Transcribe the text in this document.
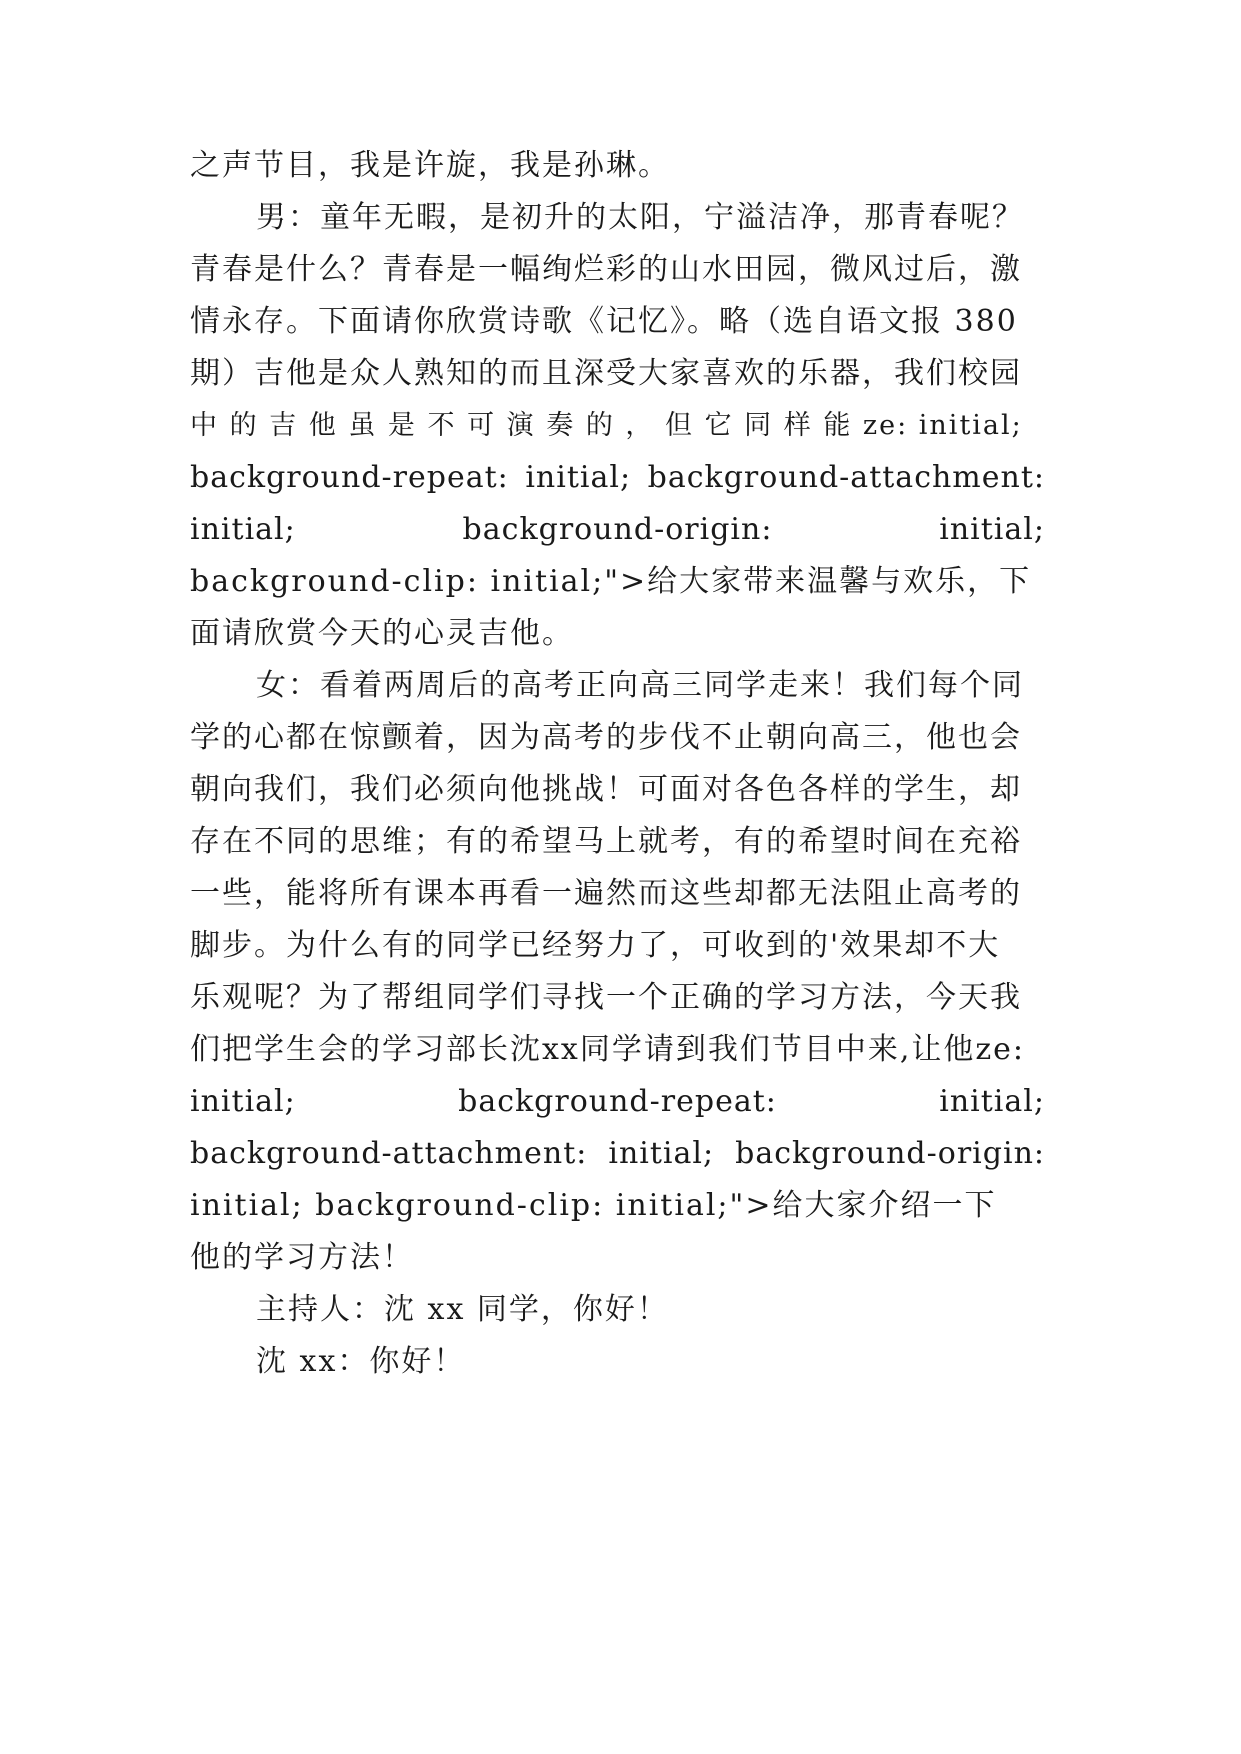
之声节目，我是许旋，我是孙琳。
男：童年无暇，是初升的太阳，宁溢洁净，那青春呢？
青春是什么？青春是一幅绚烂彩的山水田园，微风过后，激
情永存。下面请你欣赏诗歌《记忆》。略（选自语文报 380
期）吉他是众人熟知的而且深受大家喜欢的乐器，我们校园
中 的 吉 他 虽 是 不 可 演 奏 的 ， 但 它 同 样 能 ze: initial;
background-repeat: initial; background-attachment:
initial; background-origin: initial;
background-clip: initial;">给大家带来温馨与欢乐，下
面请欣赏今天的心灵吉他。
女：看着两周后的高考正向高三同学走来！我们每个同
学的心都在惊颤着，因为高考的步伐不止朝向高三，他也会
朝向我们，我们必须向他挑战！可面对各色各样的学生，却
存在不同的思维；有的希望马上就考，有的希望时间在充裕
一些，能将所有课本再看一遍然而这些却都无法阻止高考的
脚步。为什么有的同学已经努力了，可收到的'效果却不大
乐观呢？为了帮组同学们寻找一个正确的学习方法，今天我
们把学生会的学习部长沈xx同学请到我们节目中来,让他ze:
initial; background-repeat: initial;
background-attachment: initial; background-origin:
initial; background-clip: initial;">给大家介绍一下
他的学习方法！
主持人：沈 xx 同学，你好！
沈 xx：你好！
